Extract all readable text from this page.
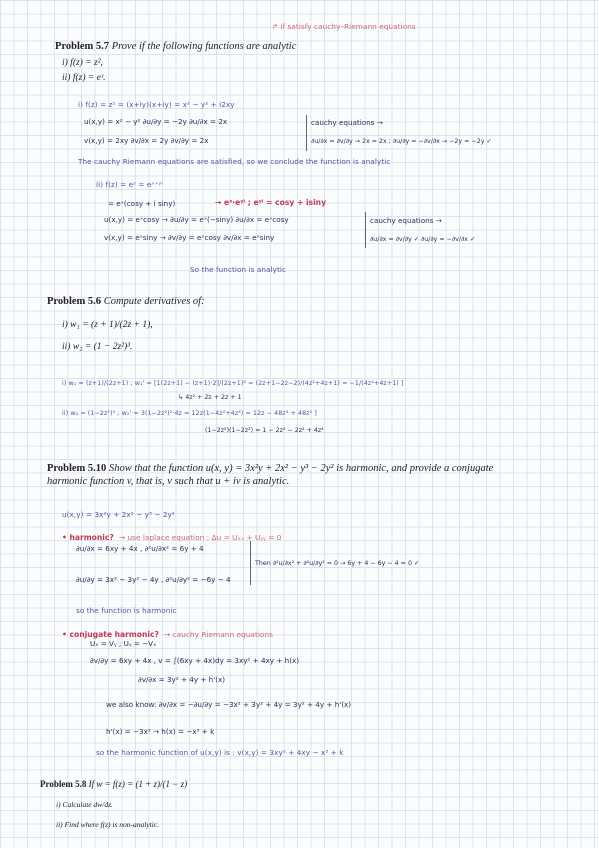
↱ if satisfy cauchy–Riemann equations
Problem 5.7 Prove if the following functions are analytic
i) f(z) = z²,
ii) f(z) = eᶻ.
i) f(z) = z² = (x+iy)(x+iy) = x² − y² + i2xy
u(x,y) = x² − y² ∂u/∂y = −2y ∂u/∂x = 2x
v(x,y) = 2xy ∂v/∂x = 2y ∂v/∂y = 2x
cauchy equations →
∂u/∂x = ∂v/∂y → 2x = 2x ; ∂u/∂y = −∂v/∂x → −2y = −2y ✓
The cauchy Riemann equations are satisfied, so we conclude the function is analytic
ii) f(z) = eᶻ = eˣ⁺ʸⁱ
= eˣ(cosy + i siny)	→ eˣ·eʸⁱ ; eʸⁱ = cosy + isiny
u(x,y) = eˣcosy → ∂u/∂y = eˣ(−siny) ∂u/∂x = eˣcosy
v(x,y) = eˣsiny → ∂v/∂y = eˣcosy ∂v/∂x = eˣsiny
cauchy equations →
∂u/∂x = ∂v/∂y ✓ ∂u/∂y = −∂v/∂x ✓
So the function is analytic
Problem 5.6 Compute derivatives of:
i) w₁ = (z + 1)/(2z + 1),
ii) w₂ = (1 − 2z²)³.
i) w₁ = (z+1)/(2z+1) ; w₁' = [1(2z+1) − (z+1)·2]/(2z+1)² = (2z+1−2z−2)/(4z²+4z+1) = −1/(4z²+4z+1) ]
↳ 4z² + 2z + 2z + 1
ii) w₂ = (1−2z²)³ ; w₂' = 3(1−2z²)²·4z = 12z(1−4z²+4z⁴) = 12z − 48z³ + 48z⁵ ]
(1−2z²)(1−2z²) = 1 − 2z² − 2z² + 4z⁴
Problem 5.10 Show that the function u(x, y) = 3x²y + 2x² − y³ − 2y² is harmonic, and provide a conjugate harmonic function v, that is, v such that u + iv is analytic.
u(x,y) = 3x²y + 2x² − y³ − 2y²
• harmonic? → use laplace equation : Δu = Uₓₓ + Uᵧᵧ = 0
∂u/∂x = 6xy + 4x , ∂²u/∂x² = 6y + 4
∂u/∂y = 3x² − 3y² − 4y , ∂²u/∂y² = −6y − 4
Then ∂²u/∂x² + ∂²u/∂y² = 0 → 6y + 4 − 6y − 4 = 0 ✓
so the function is harmonic
• conjugate harmonic? → cauchy Riemann equations
Uₓ = Vᵧ ; Uᵧ = −Vₓ
∂v/∂y = 6xy + 4x , v = ∫(6xy + 4x)dy = 3xy² + 4xy + h(x)
∂v/∂x = 3y² + 4y + h'(x)
we also know: ∂v/∂x = −∂u/∂y = −3x² + 3y² + 4y = 3y² + 4y + h'(x)
h'(x) = −3x² → h(x) = −x³ + k
so the harmonic function of u(x,y) is : v(x,y) = 3xy² + 4xy − x³ + k
Problem 5.8 If w = f(z) = (1 + z)/(1 − z)
i) Calculate dw/dz.
ii) Find where f(z) is non-analytic.
